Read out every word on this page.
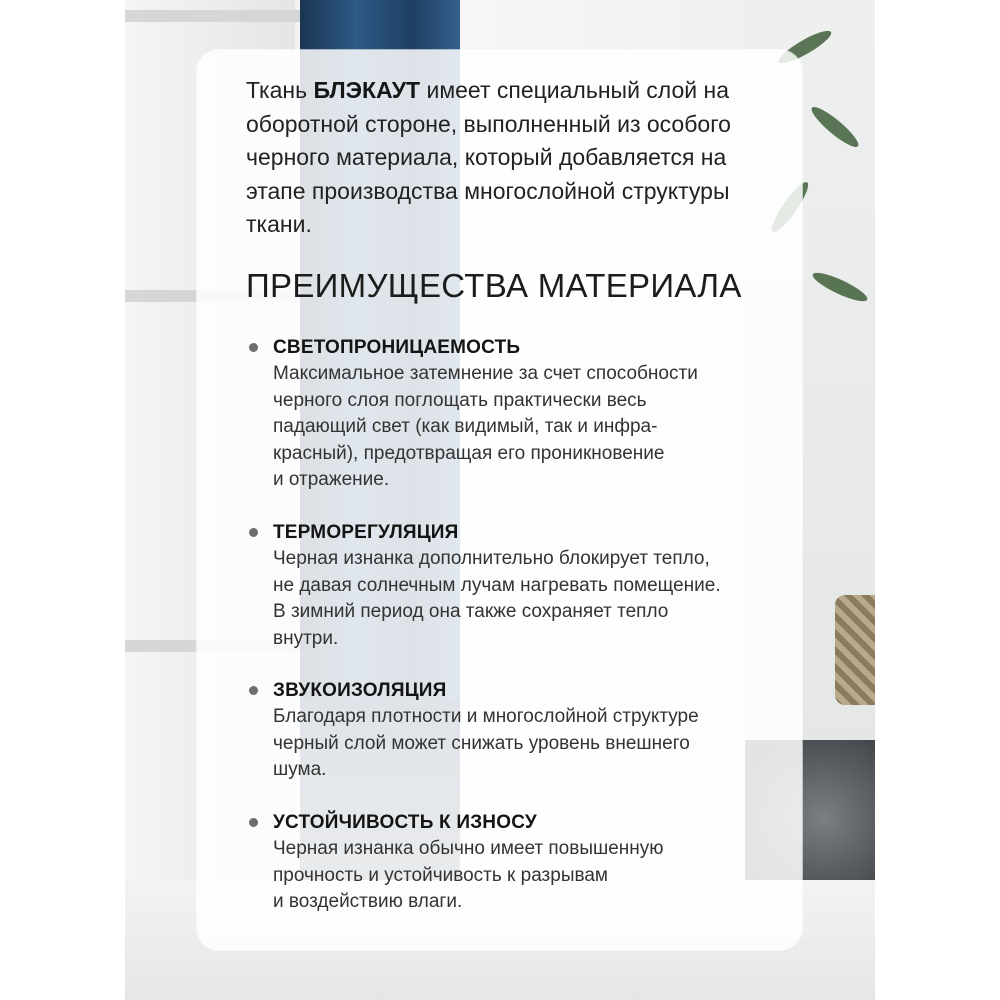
Ткань БЛЭКАУТ имеет специальный слой на оборотной стороне, выполненный из особого черного материала, который добавляется на этапе производства многослойной структуры ткани.
ПРЕИМУЩЕСТВА МАТЕРИАЛА
СВЕТОПРОНИЦАЕМОСТЬ
Максимальное затемнение за счет способности
черного слоя поглощать практически весь
падающий свет (как видимый, так и инфра-
красный), предотвращая его проникновение
и отражение.
ТЕРМОРЕГУЛЯЦИЯ
Черная изнанка дополнительно блокирует тепло,
не давая солнечным лучам нагревать помещение.
В зимний период она также сохраняет тепло
внутри.
ЗВУКОИЗОЛЯЦИЯ
Благодаря плотности и многослойной структуре
черный слой может снижать уровень внешнего
шума.
УСТОЙЧИВОСТЬ К ИЗНОСУ
Черная изнанка обычно имеет повышенную
прочность и устойчивость к разрывам
и воздействию влаги.
